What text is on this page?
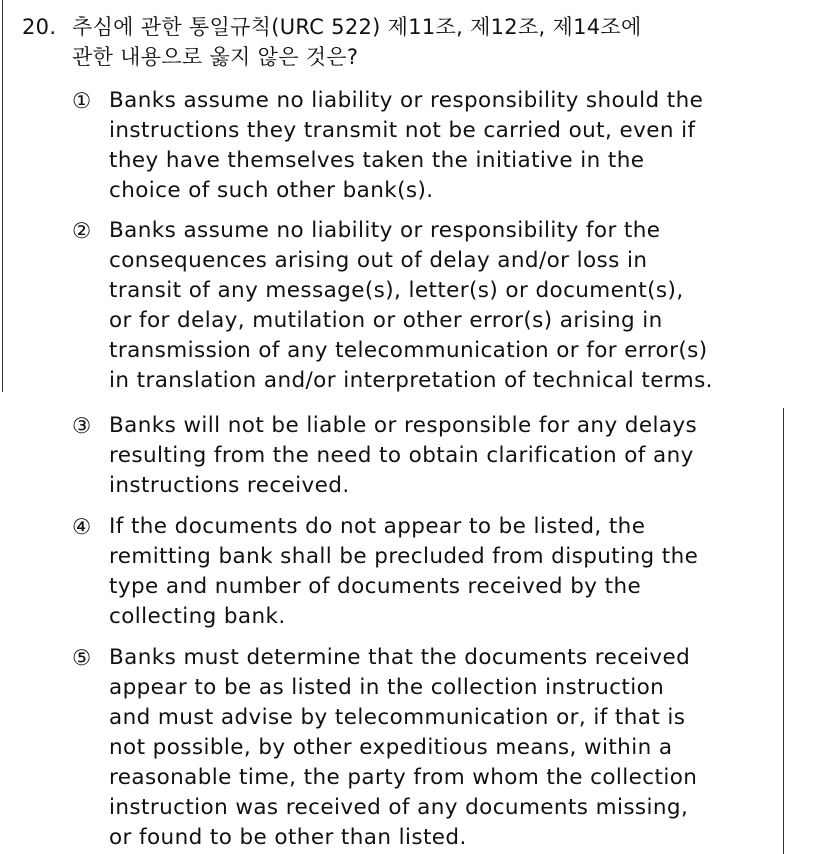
20. 추심에 관한 통일규칙(URC 522) 제11조, 제12조, 제14조에
관한 내용으로 옳지 않은 것은?
① Banks assume no liability or responsibility should the
instructions they transmit not be carried out, even if
they have themselves taken the initiative in the
choice of such other bank(s).
② Banks assume no liability or responsibility for the
consequences arising out of delay and/or loss in
transit of any message(s), letter(s) or document(s),
or for delay, mutilation or other error(s) arising in
transmission of any telecommunication or for error(s)
in translation and/or interpretation of technical terms.
③ Banks will not be liable or responsible for any delays
resulting from the need to obtain clarification of any
instructions received.
④ If the documents do not appear to be listed, the
remitting bank shall be precluded from disputing the
type and number of documents received by the
collecting bank.
⑤ Banks must determine that the documents received
appear to be as listed in the collection instruction
and must advise by telecommunication or, if that is
not possible, by other expeditious means, within a
reasonable time, the party from whom the collection
instruction was received of any documents missing,
or found to be other than listed.
